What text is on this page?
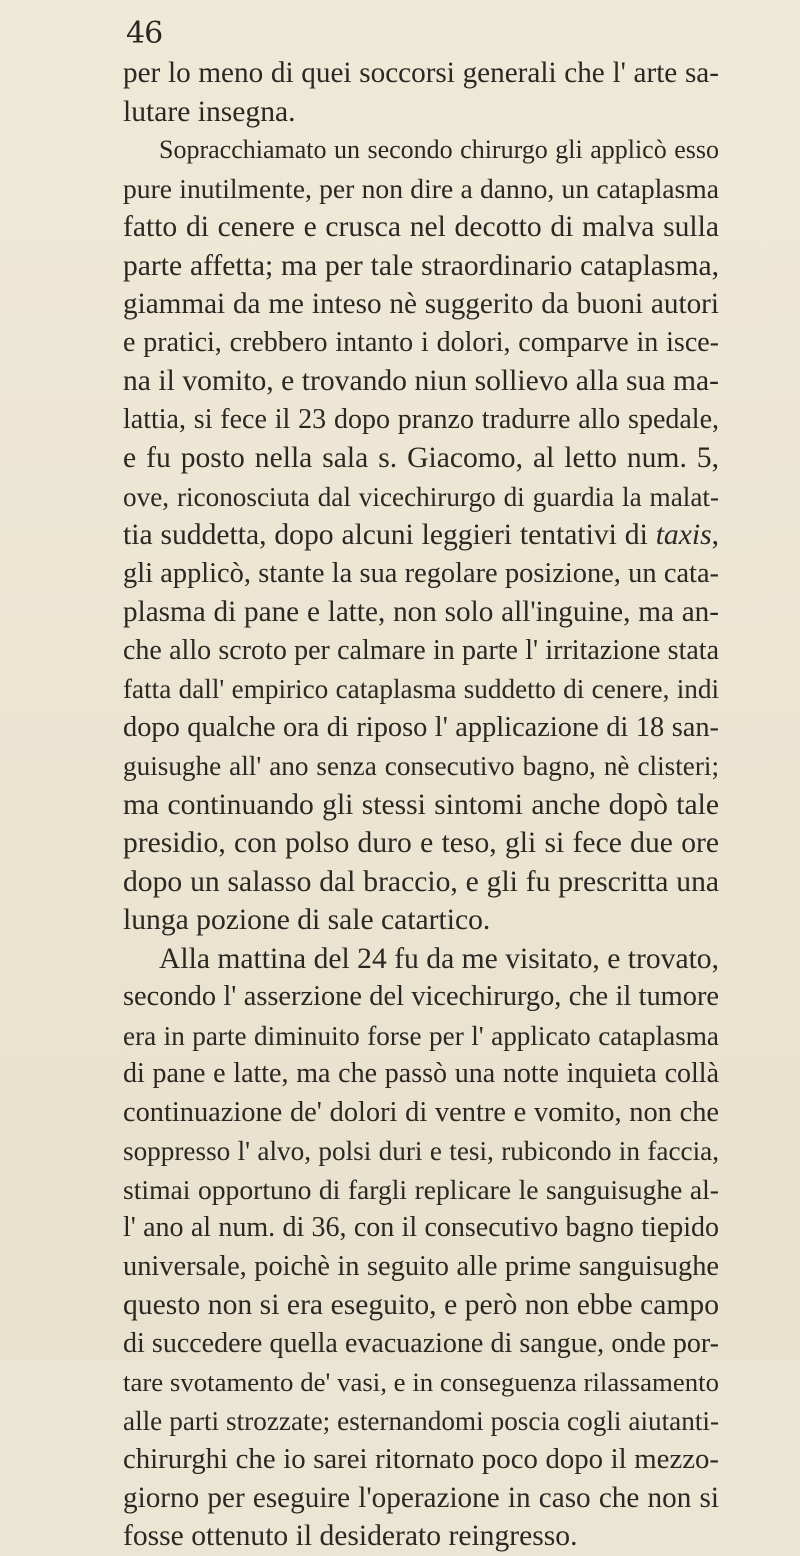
46
per lo meno di quei soccorsi generali che l' arte sa-
lutare insegna.
Sopracchiamato un secondo chirurgo gli applicò esso
pure inutilmente, per non dire a danno, un cataplasma
fatto di cenere e crusca nel decotto di malva sulla
parte affetta; ma per tale straordinario cataplasma,
giammai da me inteso nè suggerito da buoni autori
e pratici, crebbero intanto i dolori, comparve in isce-
na il vomito, e trovando niun sollievo alla sua ma-
lattia, si fece il 23 dopo pranzo tradurre allo spedale,
e fu posto nella sala s. Giacomo, al letto num. 5,
ove, riconosciuta dal vicechirurgo di guardia la malat-
tia suddetta, dopo alcuni leggieri tentativi di taxis,
gli applicò, stante la sua regolare posizione, un cata-
plasma di pane e latte, non solo all'inguine, ma an-
che allo scroto per calmare in parte l' irritazione stata
fatta dall' empirico cataplasma suddetto di cenere, indi
dopo qualche ora di riposo l' applicazione di 18 san-
guisughe all' ano senza consecutivo bagno, nè clisteri;
ma continuando gli stessi sintomi anche dopò tale
presidio, con polso duro e teso, gli si fece due ore
dopo un salasso dal braccio, e gli fu prescritta una
lunga pozione di sale catartico.
Alla mattina del 24 fu da me visitato, e trovato,
secondo l' asserzione del vicechirurgo, che il tumore
era in parte diminuito forse per l' applicato cataplasma
di pane e latte, ma che passò una notte inquieta collà
continuazione de' dolori di ventre e vomito, non che
soppresso l' alvo, polsi duri e tesi, rubicondo in faccia,
stimai opportuno di fargli replicare le sanguisughe al-
l' ano al num. di 36, con il consecutivo bagno tiepido
universale, poichè in seguito alle prime sanguisughe
questo non si era eseguito, e però non ebbe campo
di succedere quella evacuazione di sangue, onde por-
tare svotamento de' vasi, e in conseguenza rilassamento
alle parti strozzate; esternandomi poscia cogli aiutanti-
chirurghi che io sarei ritornato poco dopo il mezzo-
giorno per eseguire l'operazione in caso che non si
fosse ottenuto il desiderato reingresso.
